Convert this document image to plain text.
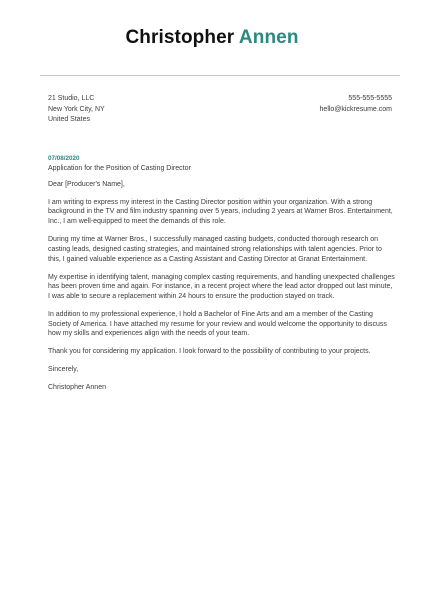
Christopher Annen
21 Studio, LLC
New York City, NY
United States
555-555-5555
hello@kickresume.com
07/08/2020

Application for the Position of Casting Director

Dear [Producer's Name],

I am writing to express my interest in the Casting Director position within your organization. With a strong background in the TV and film industry spanning over 5 years, including 2 years at Warner Bros. Entertainment, Inc., I am well-equipped to meet the demands of this role.

During my time at Warner Bros., I successfully managed casting budgets, conducted thorough research on casting leads, designed casting strategies, and maintained strong relationships with talent agencies. Prior to this, I gained valuable experience as a Casting Assistant and Casting Director at Granat Entertainment.

My expertise in identifying talent, managing complex casting requirements, and handling unexpected challenges has been proven time and again. For instance, in a recent project where the lead actor dropped out last minute, I was able to secure a replacement within 24 hours to ensure the production stayed on track.

In addition to my professional experience, I hold a Bachelor of Fine Arts and am a member of the Casting Society of America. I have attached my resume for your review and would welcome the opportunity to discuss how my skills and experiences align with the needs of your team.

Thank you for considering my application. I look forward to the possibility of contributing to your projects.

Sincerely,

Christopher Annen
